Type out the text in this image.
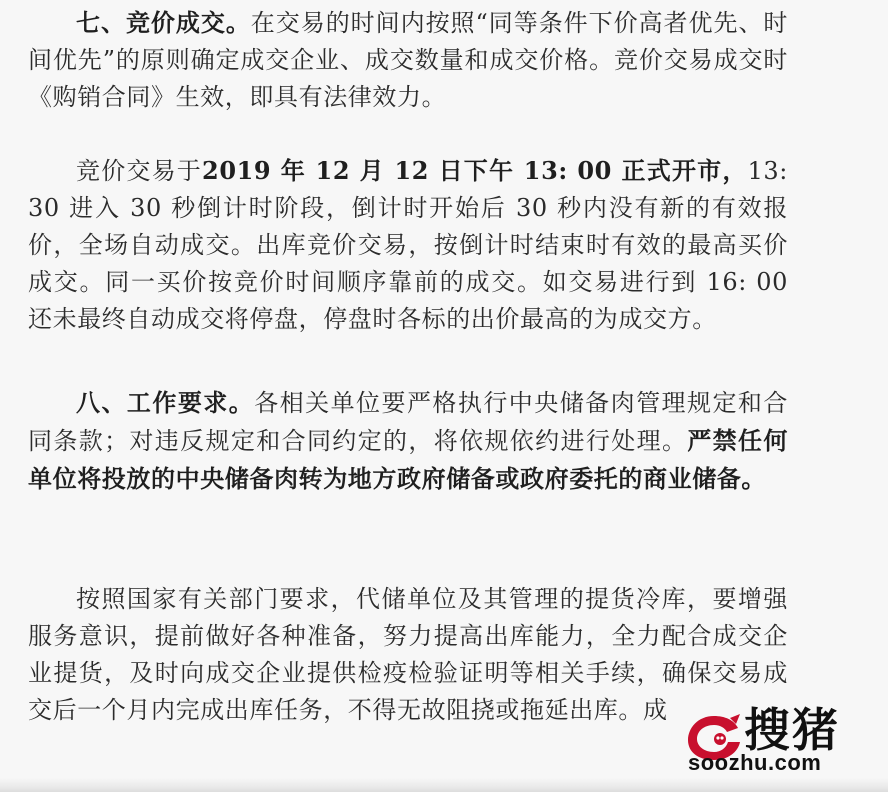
七、竞价成交。在交易的时间内按照“同等条件下价高者优先、时间优先”的原则确定成交企业、成交数量和成交价格。竞价交易成交时《购销合同》生效，即具有法律效力。

竞价交易于2019 年 12 月 12 日下午 13: 00 正式开市，13: 30 进入 30 秒倒计时阶段，倒计时开始后 30 秒内没有新的有效报价，全场自动成交。出库竞价交易，按倒计时结束时有效的最高买价成交。同一买价按竞价时间顺序靠前的成交。如交易进行到 16: 00 还未最终自动成交将停盘，停盘时各标的出价最高的为成交方。

八、工作要求。各相关单位要严格执行中央储备肉管理规定和合同条款；对违反规定和合同约定的，将依规依约进行处理。严禁任何单位将投放的中央储备肉转为地方政府储备或政府委托的商业储备。

按照国家有关部门要求，代储单位及其管理的提货冷库，要增强服务意识，提前做好各种准备，努力提高出库能力，全力配合成交企业提货，及时向成交企业提供检疫检验证明等相关手续，确保交易成交后一个月内完成出库任务，不得无故阻挠或拖延出库。成	搜猪
soozhu.com
